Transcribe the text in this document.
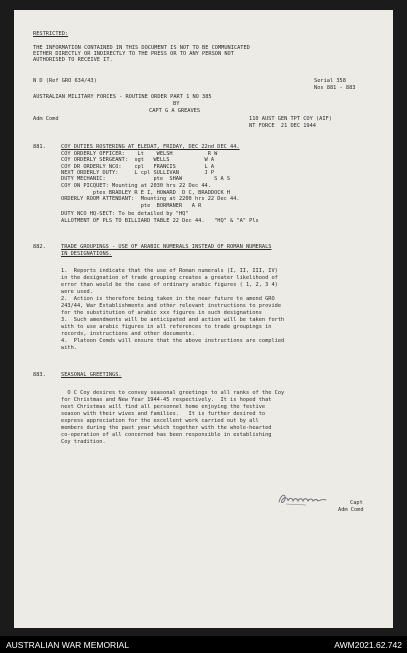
RESTRICTED:
THE INFORMATION CONTAINED IN THIS DOCUMENT IS NOT TO BE COMMUNICATED
EITHER DIRECTLY OR INDIRECTLY TO THE PRESS OR TO ANY PERSON NOT
AUTHORISED TO RECEIVE IT.
N D (Ref GRO 634/43)	Serial 358
Nos 881 - 883
AUSTRALIAN MILITARY FORCES - ROUTINE ORDER PART 1 NO 385
BY
CAPT G A GREAVES
Adm Comd	110 AUST GEN TPT COY (AIF)
NT FORCE  21 DEC 1944
881.	COY DUTIES ROSTERING AT ELEDAT, FRIDAY, DEC 22nd DEC 44.
COY ORDERLY OFFICER:    Lt    WELSH           R W
COY ORDERLY SERGEANT:  sgt   WELLS           W A
COY DR ORDERLY NCO:    cpl   FRANCIS         L A
NEXT ORDERLY DUTY:     L cpl SULLIVAN        J P
DUTY MECHANIC:               pte  SHAW          S A S
COY ON PICQUET: Mounting at 2030 hrs 22 Dec 44.
ptes BRADLEY R E I, HOWARD  D C, BRADDOCK H
ORDERLY ROOM ATTENDANT:  Mounting at 2200 hrs 22 Dec 44.
pte  BORMANER   A R
DUTY NCO HQ-SECT: To be detailed by "HQ"
ALLOTMENT OF PLS TO BILLIARD TABLE 22 Dec 44.   "HQ" & "A" Pls
882.	TRADE GROUPINGS - USE OF ARABIC NUMERALS INSTEAD OF ROMAN NUMERALS
IN DESIGNATIONS.
1.  Reports indicate that the use of Roman numerals (I, II, III, IV)
in the designation of trade grouping creates a greater likelihood of
error than would be the case of ordinary arabic figures ( 1, 2, 3 4)
were used.
2.  Action is therefore being taken in the near future to amend GRO
243/44, War Establishments and other relevant instructions to provide
for the substitution of arabic xxx figures in such designations
3.  Such amendments will be anticipated and action will be taken forth
with to use arabic figures in all references to trade groupings in
records, instructions and other documents.
4.  Platoon Comds will ensure that the above instructions are complied
with.
883.	SEASONAL GREETINGS.
O C Coy desires to convey seasonal greetings to all ranks of the Coy
for Christmas and New Year 1944-45 respectively.  It is hoped that
next Christmas will find all personnel home enjoying the festive
season with their wives and families.   It is further desired to
express appreciation for the excellent work carried out by all
members during the past year which together with the whole-hearted
co-operation of all concerned has been responsible in establishing
Coy tradition.
Capt
Adm Comd
AUSTRALIAN WAR MEMORIAL	AWM2021.62.742
